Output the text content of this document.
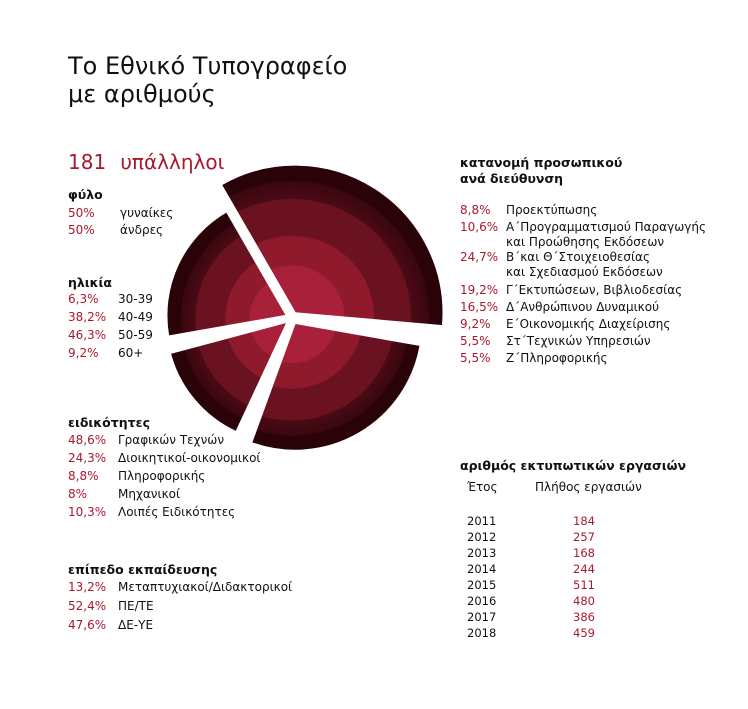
Το Εθνικό Τυπογραφείο
με αριθμούς
181 υπάλληλοι
φύλο
50% γυναίκες
50% άνδρες
ηλικία
6,3% 30-39
38,2% 40-49
46,3% 50-59
9,2% 60+
ειδικότητες
48,6% Γραφικών Τεχνών
24,3% Διοικητικοί-οικονομικοί
8,8% Πληροφορικής
8%	Μηχανικοί
10,3% Λοιπές Ειδικότητες
επίπεδο εκπαίδευσης
13,2% Μεταπτυχιακοί/Διδακτορικοί
52,4% ΠΕ/ΤΕ
47,6% ΔΕ-ΥΕ
κατανομή προσωπικού
ανά διεύθυνση
8,8% Προεκτύπωσης
10,6% Α΄Προγραμματισμού Παραγωγής
και Προώθησης Εκδόσεων
24,7% Β΄και Θ΄Στοιχειοθεσίας
και Σχεδιασμού Εκδόσεων
19,2% Γ΄Εκτυπώσεων, Βιβλιοδεσίας
16,5% Δ΄Ανθρώπινου Δυναμικού
9,2% Ε΄Οικονομικής Διαχείρισης
5,5% Στ΄Τεχνικών Υπηρεσιών
5,5% Ζ΄Πληροφορικής
αριθμός εκτυπωτικών εργασιών
Έτος	Πλήθος εργασιών
2011	184
2012	257
2013	168
2014	244
2015	511
2016	480
2017	386
2018	459
